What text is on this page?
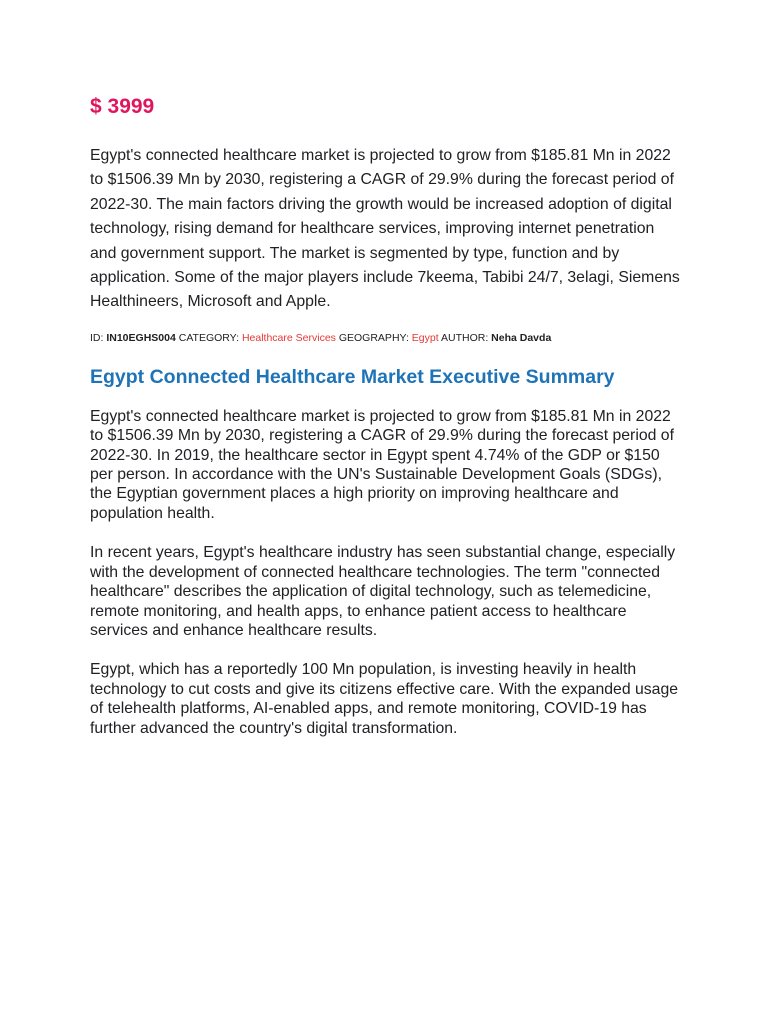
$ 3999

Egypt's connected healthcare market is projected to grow from $185.81 Mn in 2022 to $1506.39 Mn by 2030, registering a CAGR of 29.9% during the forecast period of 2022-30. The main factors driving the growth would be increased adoption of digital technology, rising demand for healthcare services, improving internet penetration and government support. The market is segmented by type, function and by application. Some of the major players include 7keema, Tabibi 24/7, 3elagi, Siemens Healthineers, Microsoft and Apple.

ID: IN10EGHS004 CATEGORY: Healthcare Services GEOGRAPHY: Egypt AUTHOR: Neha Davda
Egypt Connected Healthcare Market Executive Summary

Egypt's connected healthcare market is projected to grow from $185.81 Mn in 2022 to $1506.39 Mn by 2030, registering a CAGR of 29.9% during the forecast period of 2022-30. In 2019, the healthcare sector in Egypt spent 4.74% of the GDP or $150 per person. In accordance with the UN's Sustainable Development Goals (SDGs), the Egyptian government places a high priority on improving healthcare and population health.

In recent years, Egypt's healthcare industry has seen substantial change, especially with the development of connected healthcare technologies. The term "connected healthcare" describes the application of digital technology, such as telemedicine, remote monitoring, and health apps, to enhance patient access to healthcare services and enhance healthcare results.

Egypt, which has a reportedly 100 Mn population, is investing heavily in health technology to cut costs and give its citizens effective care. With the expanded usage of telehealth platforms, AI-enabled apps, and remote monitoring, COVID-19 has further advanced the country's digital transformation.
